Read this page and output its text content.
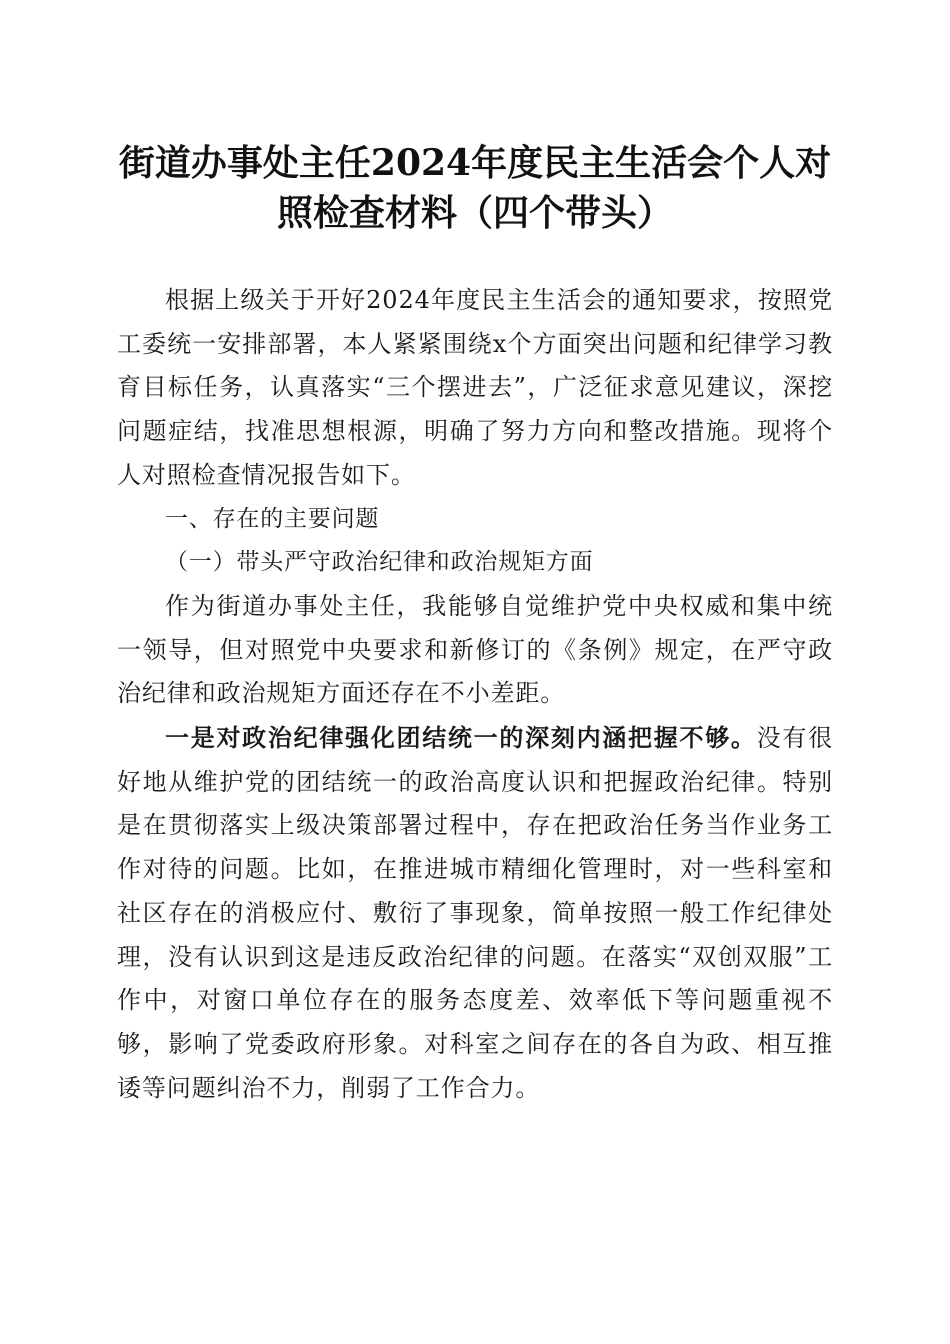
街道办事处主任2024年度民主生活会个人对
照检查材料（四个带头）

根据上级关于开好2024年度民主生活会的通知要求，按照党工委统一安排部署，本人紧紧围绕x个方面突出问题和纪律学习教育目标任务，认真落实“三个摆进去”，广泛征求意见建议，深挖问题症结，找准思想根源，明确了努力方向和整改措施。现将个人对照检查情况报告如下。

一、存在的主要问题

（一）带头严守政治纪律和政治规矩方面

作为街道办事处主任，我能够自觉维护党中央权威和集中统一领导，但对照党中央要求和新修订的《条例》规定，在严守政治纪律和政治规矩方面还存在不小差距。

一是对政治纪律强化团结统一的深刻内涵把握不够。没有很好地从维护党的团结统一的政治高度认识和把握政治纪律。特别是在贯彻落实上级决策部署过程中，存在把政治任务当作业务工作对待的问题。比如，在推进城市精细化管理时，对一些科室和社区存在的消极应付、敷衍了事现象，简单按照一般工作纪律处理，没有认识到这是违反政治纪律的问题。在落实“双创双服”工作中，对窗口单位存在的服务态度差、效率低下等问题重视不够，影响了党委政府形象。对科室之间存在的各自为政、相互推诿等问题纠治不力，削弱了工作合力。
